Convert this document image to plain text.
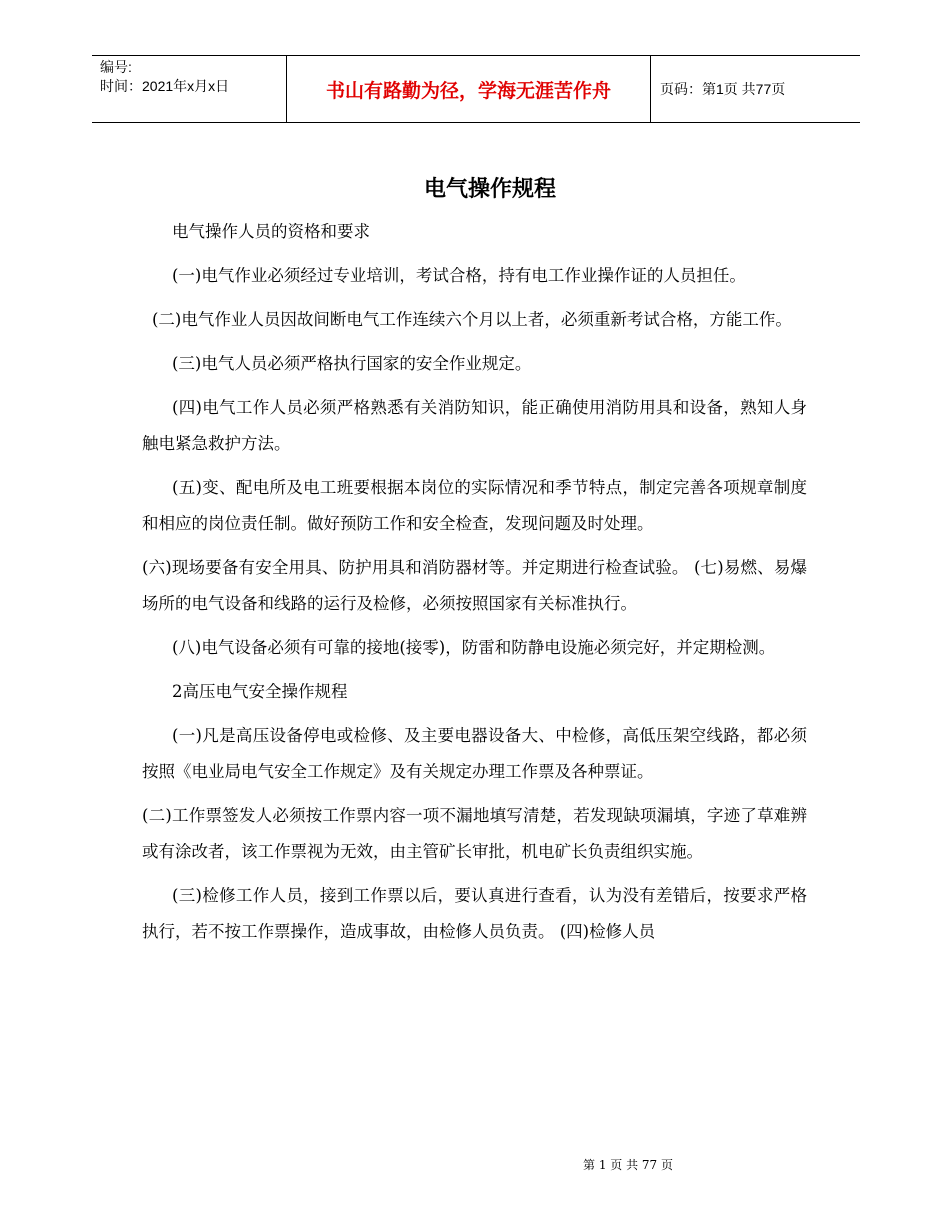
编号:
时间：2021年x月x日	书山有路勤为径，学海无涯苦作舟	页码：第1页 共77页
电气操作规程

电气操作人员的资格和要求

(一)电气作业必须经过专业培训，考试合格，持有电工作业操作证的人员担任。

(二)电气作业人员因故间断电气工作连续六个月以上者，必须重新考试合格，方能工作。

(三)电气人员必须严格执行国家的安全作业规定。

(四)电气工作人员必须严格熟悉有关消防知识，能正确使用消防用具和设备，熟知人身触电紧急救护方法。

(五)变、配电所及电工班要根据本岗位的实际情况和季节特点，制定完善各项规章制度和相应的岗位责任制。做好预防工作和安全检查，发现问题及时处理。

(六)现场要备有安全用具、防护用具和消防器材等。并定期进行检查试验。 (七)易燃、易爆场所的电气设备和线路的运行及检修，必须按照国家有关标准执行。

(八)电气设备必须有可靠的接地(接零)，防雷和防静电设施必须完好，并定期检测。

2高压电气安全操作规程

(一)凡是高压设备停电或检修、及主要电器设备大、中检修，高低压架空线路，都必须按照《电业局电气安全工作规定》及有关规定办理工作票及各种票证。

(二)工作票签发人必须按工作票内容一项不漏地填写清楚，若发现缺项漏填，字迹了草难辨或有涂改者，该工作票视为无效，由主管矿长审批，机电矿长负责组织实施。

(三)检修工作人员，接到工作票以后，要认真进行查看，认为没有差错后，按要求严格执行，若不按工作票操作，造成事故，由检修人员负责。 (四)检修人员

第 1 页 共 77 页
